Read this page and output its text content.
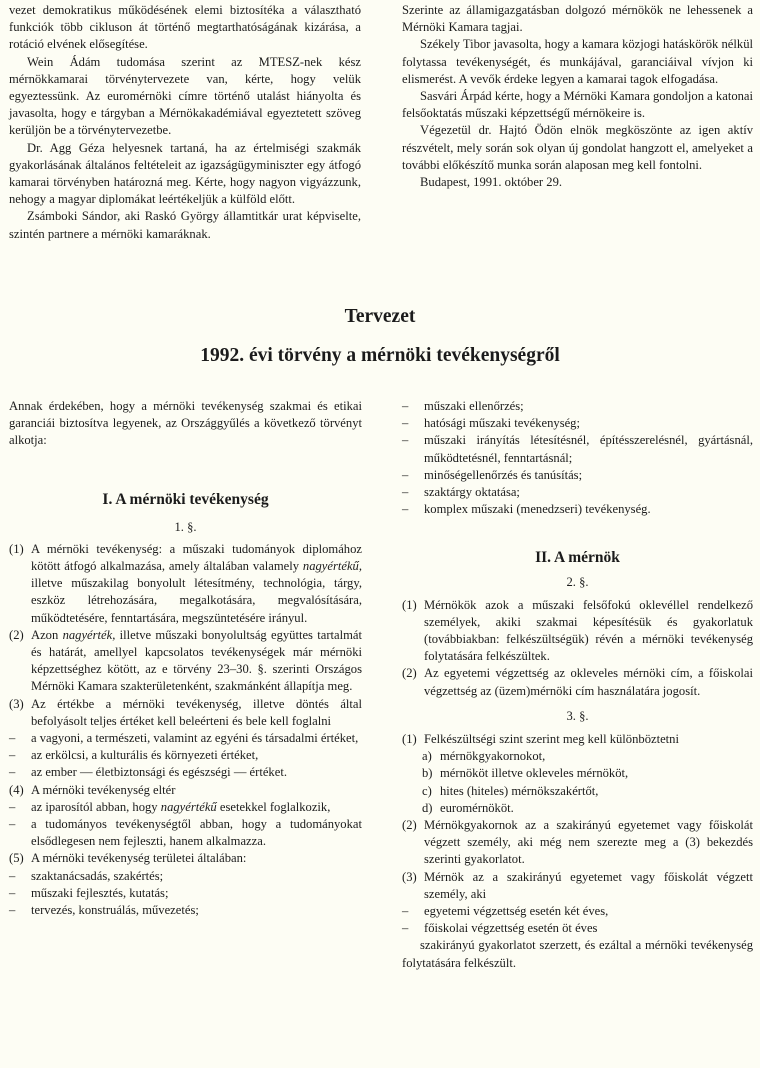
vezet demokratikus működésének elemi biztosítéka a választható funkciók több cikluson át történő megtarthatóságának kizárása, a rotáció elvének elősegítése.

Wein Ádám tudomása szerint az MTESZ-nek kész mérnökkamarai törvénytervezete van, kérte, hogy velük egyeztessünk. Az euromérnöki címre történő utalást hiányolta és javasolta, hogy e tárgyban a Mérnökakadémiával egyeztetett szöveg kerüljön be a törvénytervezetbe.

Dr. Agg Géza helyesnek tartaná, ha az értelmiségi szakmák gyakorlásának általános feltételeit az igazságügyminiszter egy átfogó kamarai törvényben határozná meg. Kérte, hogy nagyon vigyázzunk, nehogy a magyar diplomákat leértékeljük a külföld előtt.

Zsámboki Sándor, aki Raskó György államtitkár urat képviselte, szintén partnere a mérnöki kamaráknak.

Szerinte az államigazgatásban dolgozó mérnökök ne lehessenek a Mérnöki Kamara tagjai.

Székely Tibor javasolta, hogy a kamara közjogi hatáskörök nélkül folytassa tevékenységét, és munkájával, garanciáival vívjon ki elismerést. A vevők érdeke legyen a kamarai tagok elfogadása.

Sasvári Árpád kérte, hogy a Mérnöki Kamara gondoljon a katonai felsőoktatás műszaki képzettségű mérnökeire is.

Végezetül dr. Hajtó Ödön elnök megköszönte az igen aktív részvételt, mely során sok olyan új gondolat hangzott el, amelyeket a további előkészítő munka során alaposan meg kell fontolni.

Budapest, 1991. október 29.

Tervezet
1992. évi törvény a mérnöki tevékenységről

Annak érdekében, hogy a mérnöki tevékenység szakmai és etikai garanciái biztosítva legyenek, az Országgyűlés a következő törvényt alkotja:

I. A mérnöki tevékenység
1. §.
(1) A mérnöki tevékenység: a műszaki tudományok diplomához kötött átfogó alkalmazása, amely általában valamely nagyértékű, illetve műszakilag bonyolult létesítmény, technológia, tárgy, eszköz létrehozására, megalkotására, megvalósítására, működtetésére, fenntartására, megszüntetésére irányul.
(2) Azon nagyérték, illetve műszaki bonyolultság együttes tartalmát és határát, amellyel kapcsolatos tevékenységek már mérnöki képzettséghez kötött, az e törvény 23–30. §. szerinti Országos Mérnöki Kamara szakterületenként, szakmánként állapítja meg.
(3) Az értékbe a mérnöki tevékenység, illetve döntés által befolyásolt teljes értéket kell beleérteni és bele kell foglalni
–	a vagyoni, a természeti, valamint az egyéni és társadalmi értéket,
–	az erkölcsi, a kulturális és környezeti értéket,
–	az ember — életbiztonsági és egészségi — értéket.
(4) A mérnöki tevékenység eltér
–	az iparosítól abban, hogy nagyértékű esetekkel foglalkozik,
–	a tudományos tevékenységtől abban, hogy a tudományokat elsődlegesen nem fejleszti, hanem alkalmazza.
(5) A mérnöki tevékenység területei általában:
–	szaktanácsadás, szakértés;
–	műszaki fejlesztés, kutatás;
–	tervezés, konstruálás, művezetés;
–	műszaki ellenőrzés;
–	hatósági műszaki tevékenység;
–	műszaki irányítás létesítésnél, építésszerelésnél, gyártásnál, működtetésnél, fenntartásnál;
–	minőségellenőrzés és tanúsítás;
–	szaktárgy oktatása;
–	komplex műszaki (menedzseri) tevékenység.
II. A mérnök
2. §.
(1) Mérnökök azok a műszaki felsőfokú oklevéllel rendelkező személyek, akiki szakmai képesítésük és gyakorlatuk (továbbiakban: felkészültségük) révén a mérnöki tevékenység folytatására felkészültek.
(2) Az egyetemi végzettség az okleveles mérnöki cím, a főiskolai végzettség az (üzem)mérnöki cím használatára jogosít.
3. §.
(1) Felkészültségi szint szerint meg kell különböztetni
a) mérnökgyakornokot,
b) mérnököt illetve okleveles mérnököt,
c) hites (hiteles) mérnökszakértőt,
d) euromérnököt.
(2) Mérnökgyakornok az a szakirányú egyetemet vagy főiskolát végzett személy, aki még nem szerezte meg a (3) bekezdés szerinti gyakorlatot.
(3) Mérnök az a szakirányú egyetemet vagy főiskolát végzett személy, aki
–	egyetemi végzettség esetén két éves,
–	főiskolai végzettség esetén öt éves

szakirányú gyakorlatot szerzett, és ezáltal a mérnöki tevékenység folytatására felkészült.
